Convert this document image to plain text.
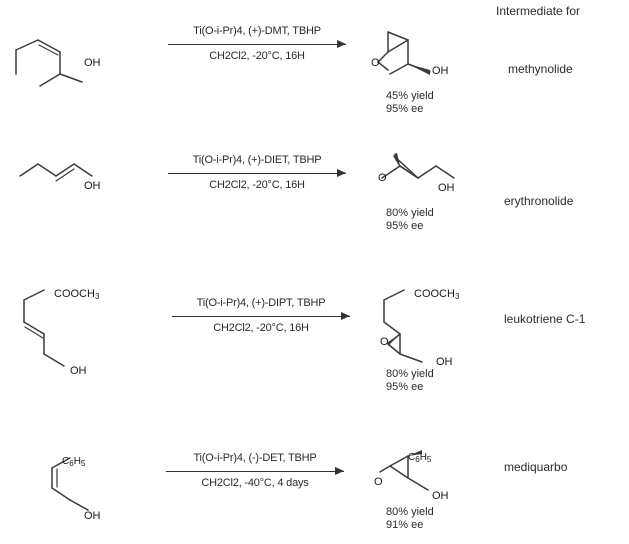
OH
Ti(O-i-Pr)4, (+)-DMT, TBHP
CH2Cl2, -20°C, 16H
O
OH
45% yield
95% ee
Intermediate for
methynolide
OH
Ti(O-i-Pr)4, (+)-DIET, TBHP
CH2Cl2, -20°C, 16H
O
OH
80% yield
95% ee
erythronolide
$COOCH_3$
OH
Ti(O-i-Pr)4, (+)-DIPT, TBHP
CH2Cl2, -20°C, 16H
$COOCH_3$
O
OH
80% yield
95% ee
leukotriene C-1
$C_6H_5$
OH
Ti(O-i-Pr)4, (-)-DET, TBHP
CH2Cl2, -40°C, 4 days
$C_6H_5$
O
OH
80% yield
91% ee
mediquarbo
